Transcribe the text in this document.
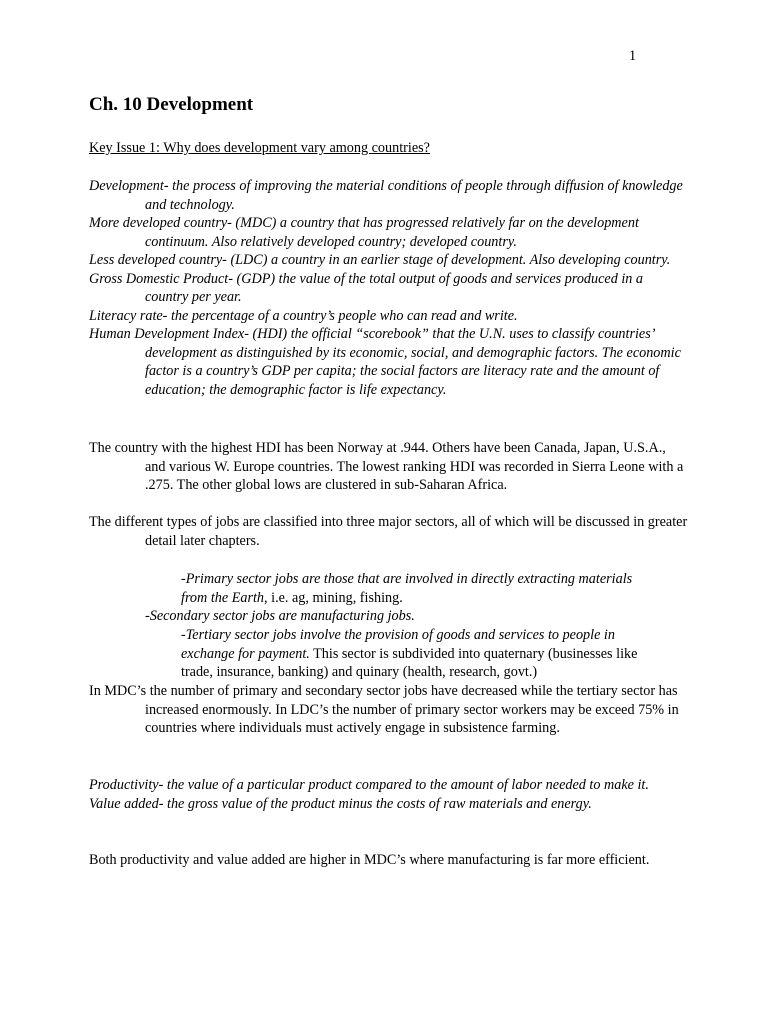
1
Ch. 10 Development
Key Issue 1: Why does development vary among countries?

Development- the process of improving the material conditions of people through diffusion of knowledge and technology.

More developed country- (MDC) a country that has progressed relatively far on the development continuum. Also relatively developed country; developed country.

Less developed country- (LDC) a country in an earlier stage of development. Also developing country.

Gross Domestic Product- (GDP) the value of the total output of goods and services produced in a country per year.

Literacy rate- the percentage of a country’s people who can read and write.

Human Development Index- (HDI) the official “scorebook” that the U.N. uses to classify countries’ development as distinguished by its economic, social, and demographic factors. The economic factor is a country’s GDP per capita; the social factors are literacy rate and the amount of education; the demographic factor is life expectancy.

The country with the highest HDI has been Norway at .944. Others have been Canada, Japan, U.S.A., and various W. Europe countries. The lowest ranking HDI was recorded in Sierra Leone with a .275. The other global lows are clustered in sub-Saharan Africa.

The different types of jobs are classified into three major sectors, all of which will be discussed in greater detail later chapters.

-Primary sector jobs are those that are involved in directly extracting materials from the Earth, i.e. ag, mining, fishing.

-Secondary sector jobs are manufacturing jobs.

-Tertiary sector jobs involve the provision of goods and services to people in exchange for payment. This sector is subdivided into quaternary (businesses like trade, insurance, banking) and quinary (health, research, govt.)

In MDC’s the number of primary and secondary sector jobs have decreased while the tertiary sector has increased enormously. In LDC’s the number of primary sector workers may be exceed 75% in countries where individuals must actively engage in subsistence farming.

Productivity- the value of a particular product compared to the amount of labor needed to make it.

Value added- the gross value of the product minus the costs of raw materials and energy.

Both productivity and value added are higher in MDC’s where manufacturing is far more efficient.
